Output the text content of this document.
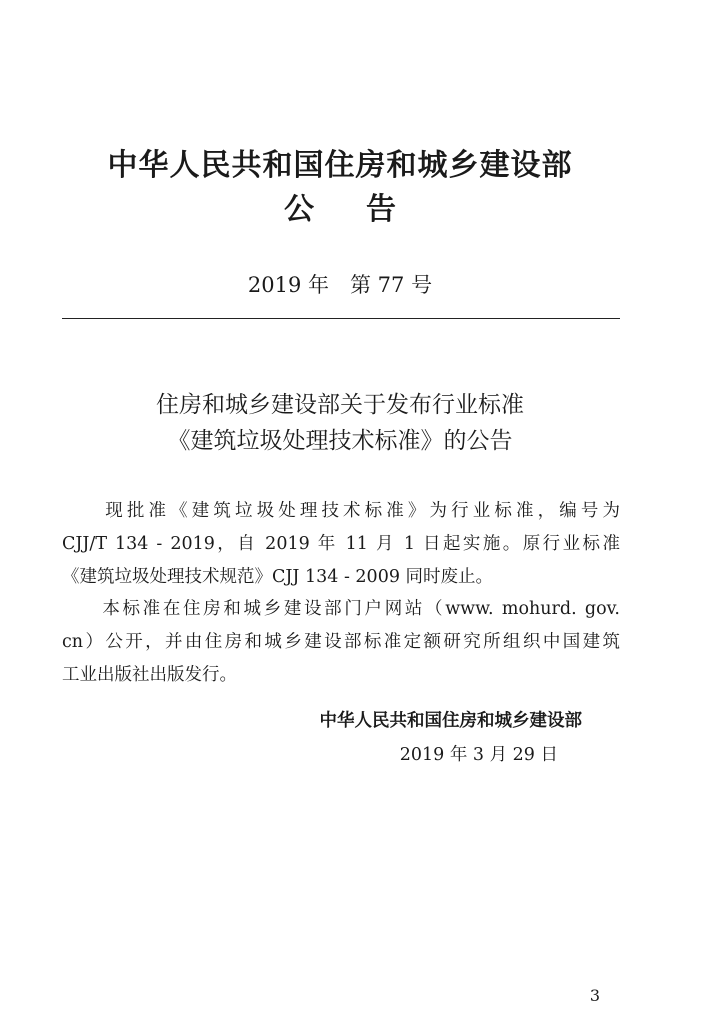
中华人民共和国住房和城乡建设部
公告
2019 年　第 77 号
住房和城乡建设部关于发布行业标准
《建筑垃圾处理技术标准》的公告
　　现批准《建筑垃圾处理技术标准》为行业标准，编号为
CJJ/T 134 - 2019，自 2019 年 11 月 1 日起实施。原行业标准
《建筑垃圾处理技术规范》CJJ 134 - 2009 同时废止。
　　本标准在住房和城乡建设部门户网站（www. mohurd. gov.
cn）公开，并由住房和城乡建设部标准定额研究所组织中国建筑
工业出版社出版发行。
中华人民共和国住房和城乡建设部
2019 年 3 月 29 日
3
